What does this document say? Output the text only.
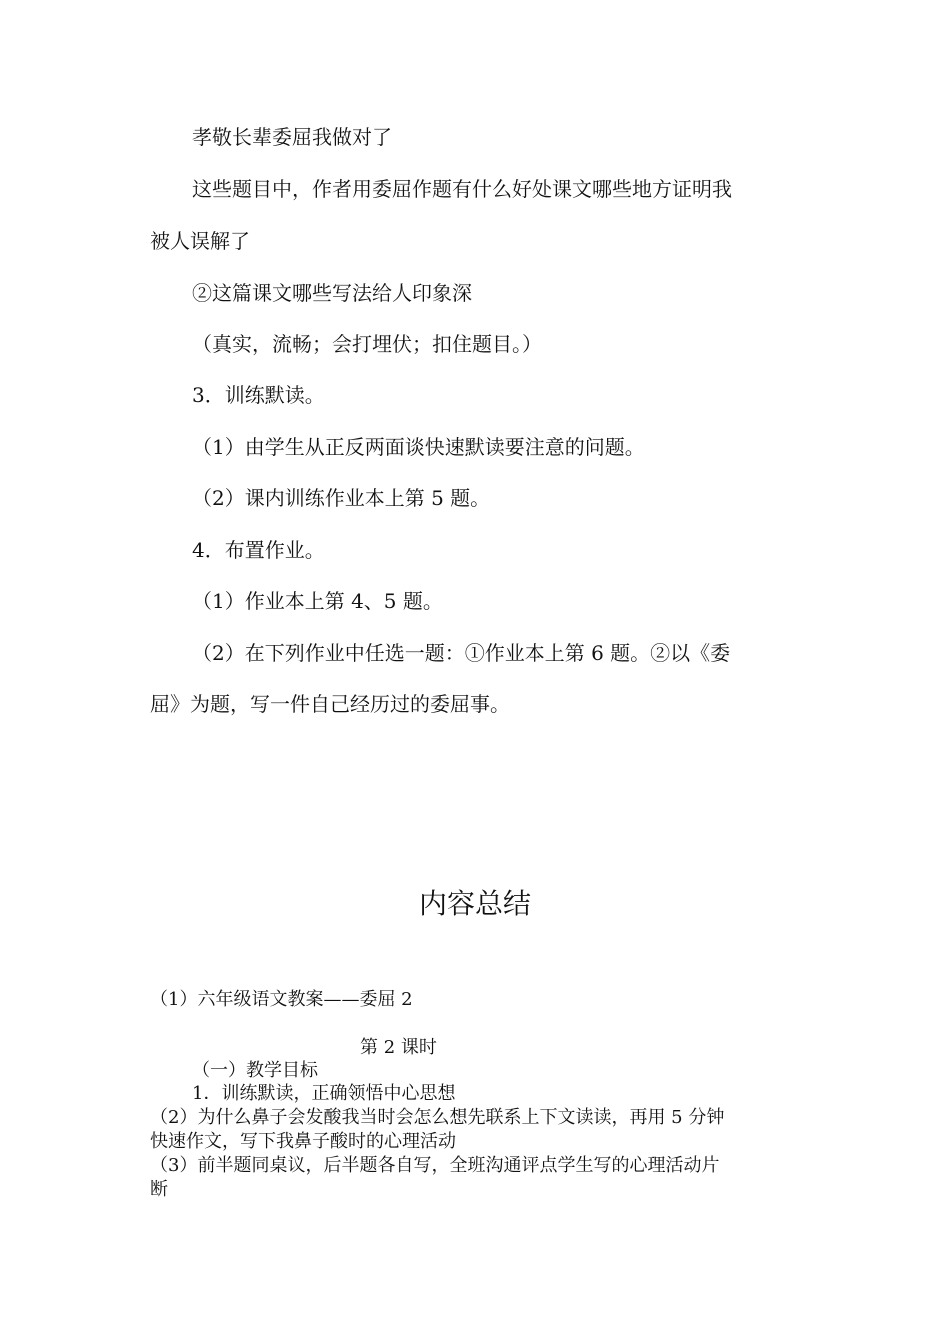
孝敬长辈委屈我做对了
这些题目中，作者用委屈作题有什么好处课文哪些地方证明我
被人误解了
②这篇课文哪些写法给人印象深
（真实，流畅；会打埋伏；扣住题目。）
3．训练默读。
（1）由学生从正反两面谈快速默读要注意的问题。
（2）课内训练作业本上第 5 题。
4．布置作业。
（1）作业本上第 4、5 题。
（2）在下列作业中任选一题：①作业本上第 6 题。②以《委
屈》为题，写一件自己经历过的委屈事。
内容总结
（1）六年级语文教案——委屈 2
第 2 课时
（一）教学目标
1．训练默读，正确领悟中心思想
（2）为什么鼻子会发酸我当时会怎么想先联系上下文读读，再用 5 分钟
快速作文，写下我鼻子酸时的心理活动
（3）前半题同桌议，后半题各自写，全班沟通评点学生写的心理活动片
断
